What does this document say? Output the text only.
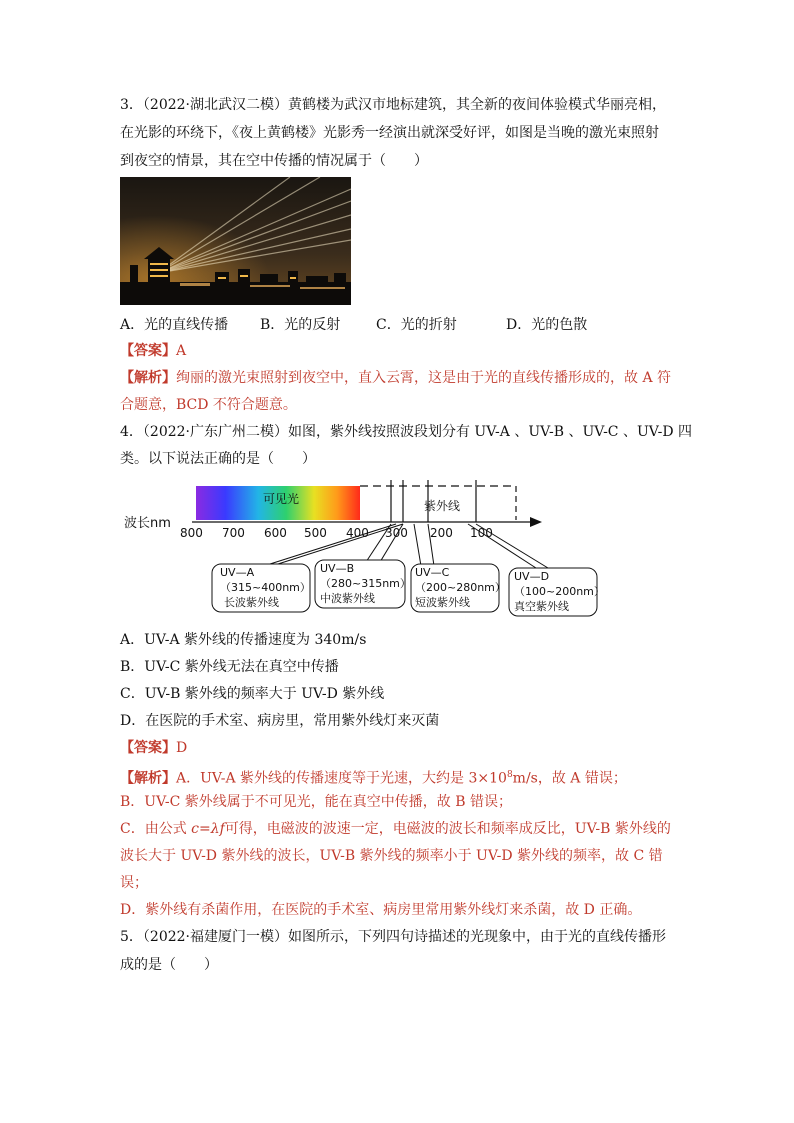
3．（2022·湖北武汉二模）黄鹤楼为武汉市地标建筑，其全新的夜间体验模式华丽亮相，
在光影的环绕下，《夜上黄鹤楼》光影秀一经演出就深受好评，如图是当晚的激光束照射
到夜空的情景，其在空中传播的情况属于（　　）
A．光的直线传播 B．光的反射	C．光的折射	D．光的色散
【答案】A
【解析】绚丽的激光束照射到夜空中，直入云霄，这是由于光的直线传播形成的，故 A 符
合题意，BCD 不符合题意。
4．（2022·广东广州二模）如图，紫外线按照波段划分有 UV-A 、UV-B 、UV-C 、UV-D 四
类。以下说法正确的是（　　）
可见光	紫外线
波长nm
800 700 600 500 400 300 200 100
UV—A
（315~400nm）
长波紫外线
UV—B
（280~315nm）
中波紫外线
UV—C
（200~280nm）
短波紫外线
UV—D
（100~200nm）
真空紫外线
A．UV-A 紫外线的传播速度为 340m/s
B．UV-C 紫外线无法在真空中传播
C．UV-B 紫外线的频率大于 UV-D 紫外线
D．在医院的手术室、病房里，常用紫外线灯来灭菌
【答案】D
【解析】A．UV-A 紫外线的传播速度等于光速，大约是 $3\times 10^8m/s$，故 A 错误；
B．UV-C 紫外线属于不可见光，能在真空中传播，故 B 错误；
C．由公式 c=λf可得，电磁波的波速一定，电磁波的波长和频率成反比，UV-B 紫外线的
波长大于 UV-D 紫外线的波长，UV-B 紫外线的频率小于 UV-D 紫外线的频率，故 C 错
误；
D．紫外线有杀菌作用，在医院的手术室、病房里常用紫外线灯来杀菌，故 D 正确。
5．（2022·福建厦门一模）如图所示，下列四句诗描述的光现象中，由于光的直线传播形
成的是（　　）
